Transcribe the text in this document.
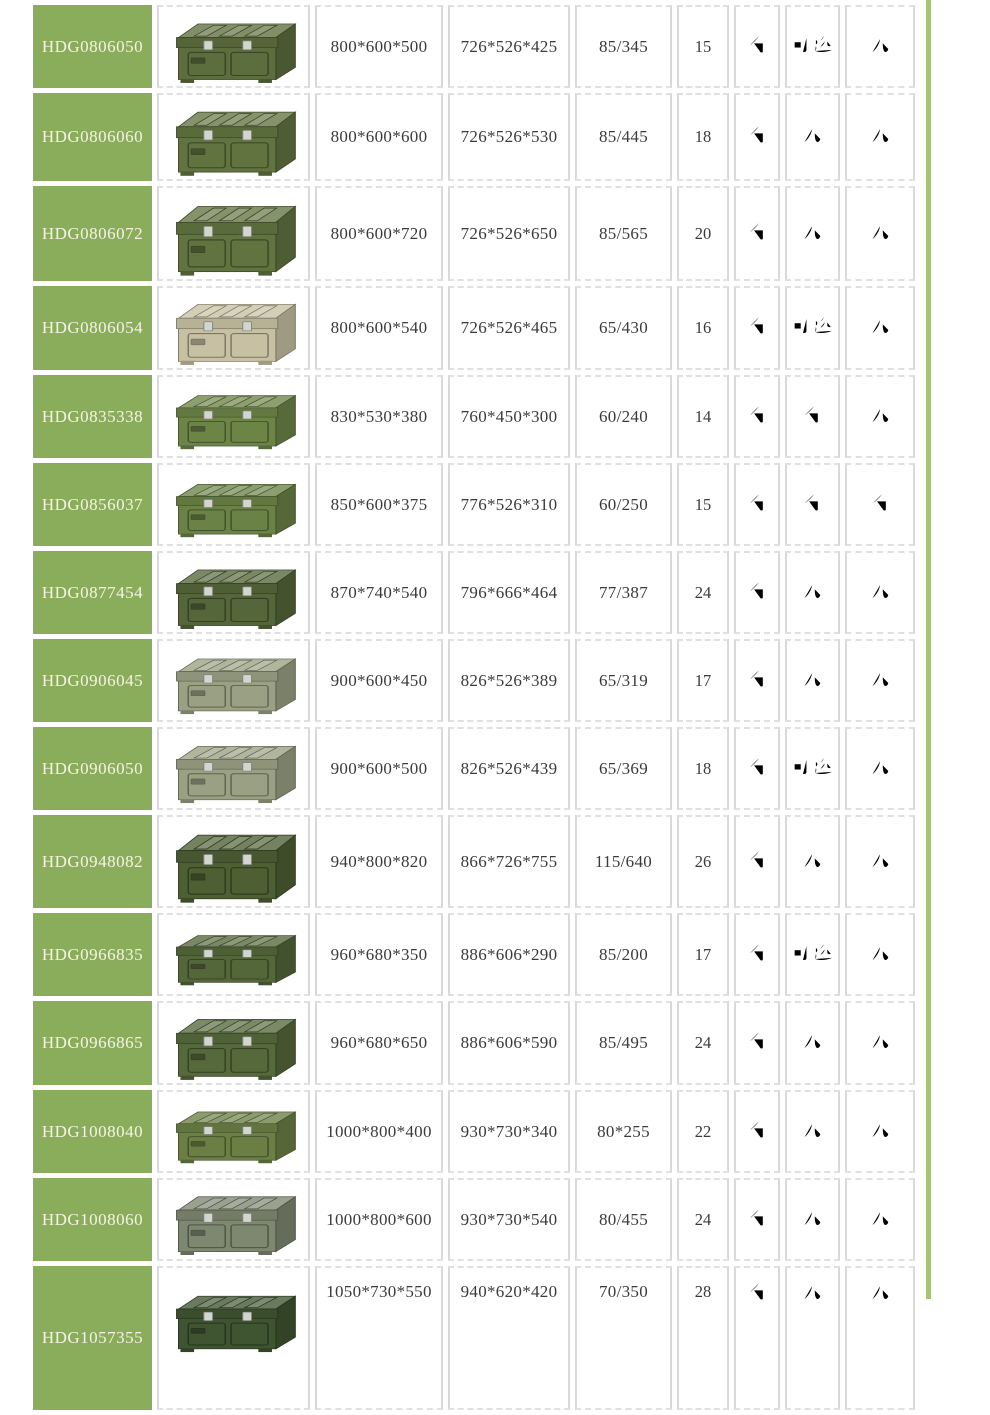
HDG0806050		800*600*500	726*526*425	85/345	15	

HDG0806060		800*600*600	726*526*530	85/445	18	

HDG0806072		800*600*720	726*526*650	85/565	20	

HDG0806054		800*600*540	726*526*465	65/430	16	

HDG0835338		830*530*380	760*450*300	60/240	14	

HDG0856037		850*600*375	776*526*310	60/250	15	

HDG0877454		870*740*540	796*666*464	77/387	24	

HDG0906045		900*600*450	826*526*389	65/319	17	

HDG0906050		900*600*500	826*526*439	65/369	18	

HDG0948082		940*800*820	866*726*755	115/640	26	

HDG0966835		960*680*350	886*606*290	85/200	17	

HDG0966865		960*680*650	886*606*590	85/495	24	

HDG1008040		1000*800*400	930*730*340	80*255	22	

HDG1008060		1000*800*600	930*730*540	80/455	24	

HDG1057355		1050*730*550	940*620*420	70/350	28	
